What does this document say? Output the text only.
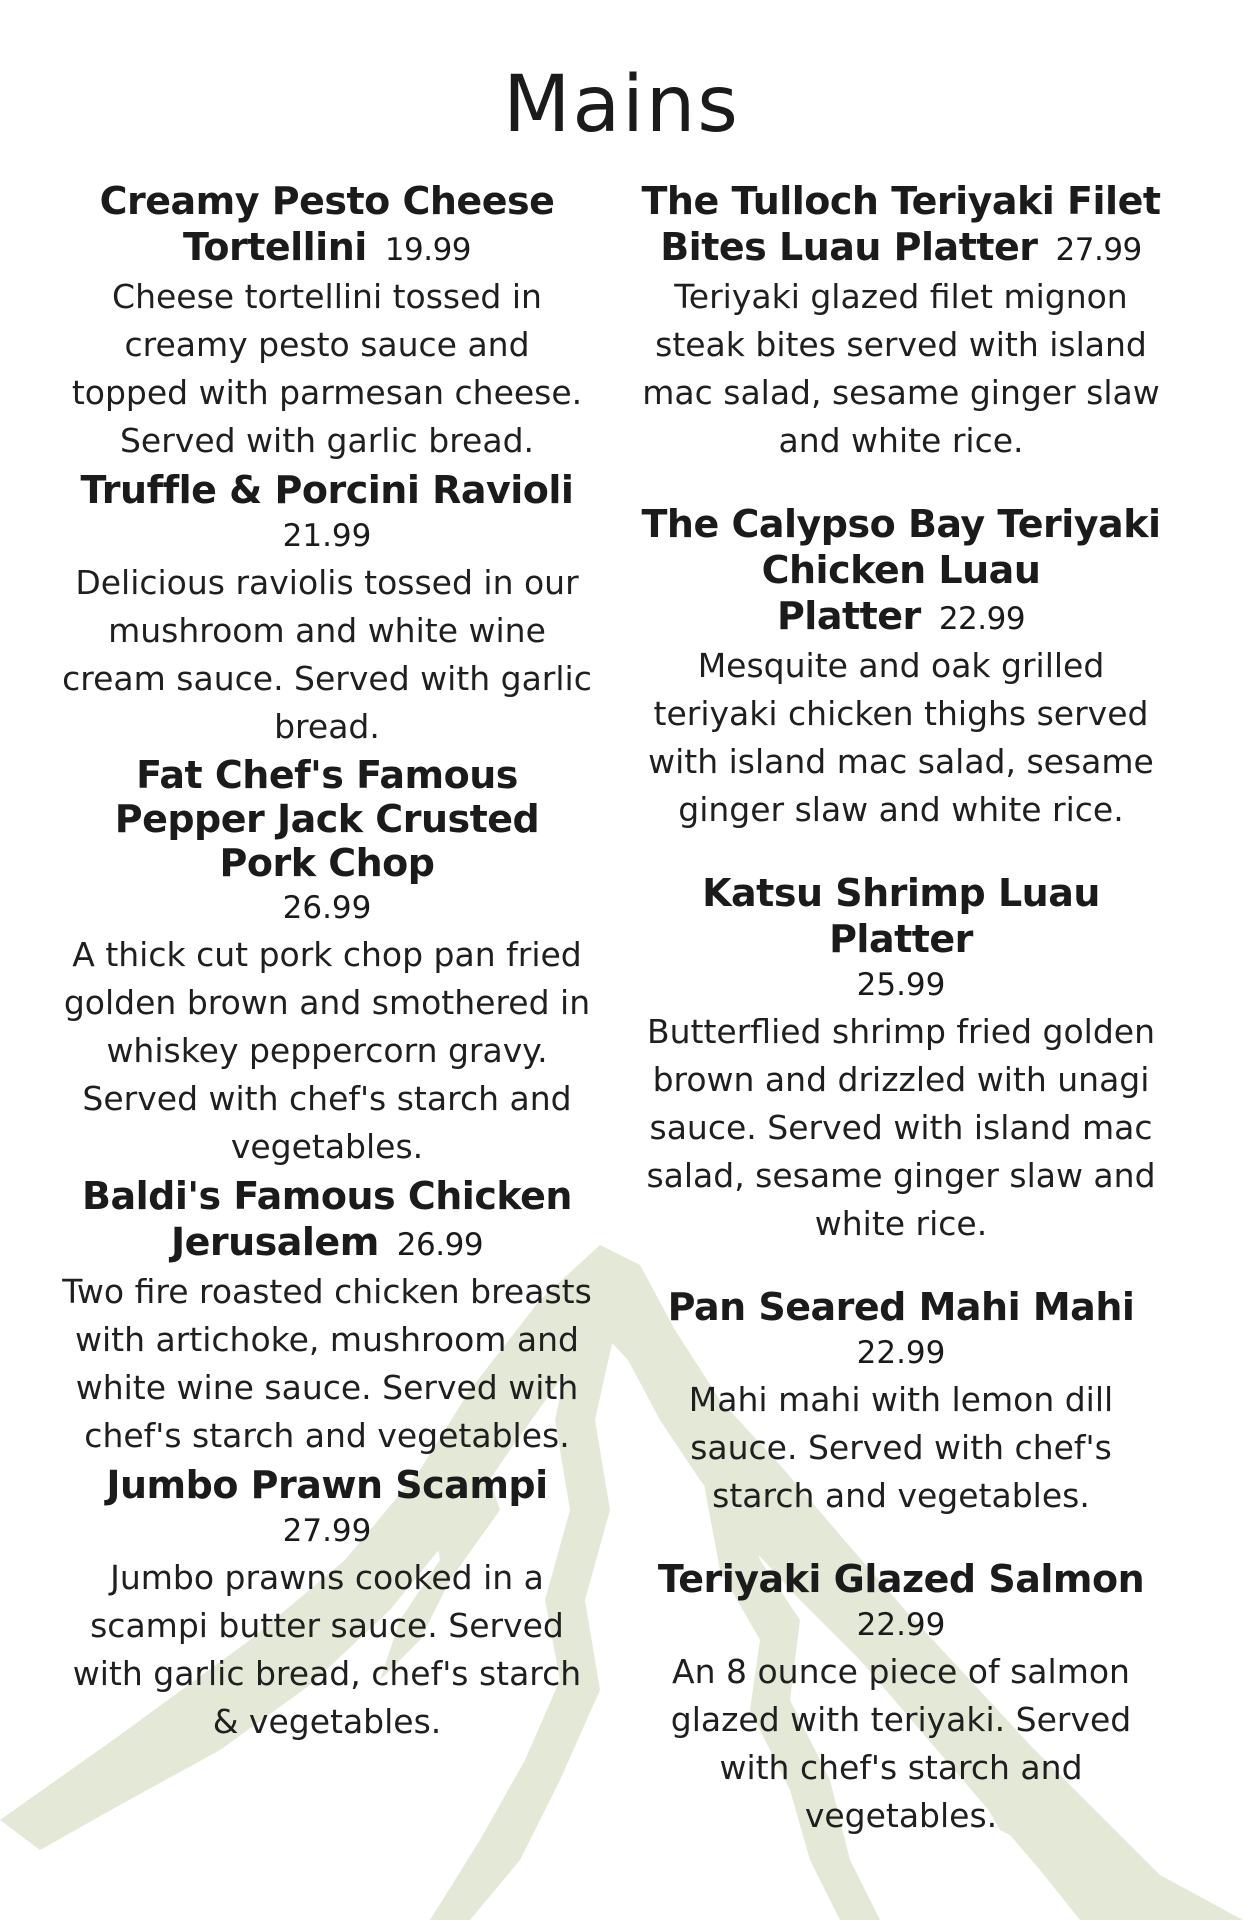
Mains
Creamy Pesto Cheese Tortellini 19.99
Cheese tortellini tossed in creamy pesto sauce and topped with parmesan cheese. Served with garlic bread.
Truffle & Porcini Ravioli
21.99
Delicious raviolis tossed in our mushroom and white wine cream sauce. Served with garlic bread.
Fat Chef's Famous Pepper Jack Crusted Pork Chop
26.99
A thick cut pork chop pan fried golden brown and smothered in whiskey peppercorn gravy. Served with chef's starch and vegetables.
Baldi's Famous Chicken Jerusalem 26.99
Two fire roasted chicken breasts with artichoke, mushroom and white wine sauce. Served with chef's starch and vegetables.
Jumbo Prawn Scampi
27.99
Jumbo prawns cooked in a scampi butter sauce. Served with garlic bread, chef's starch & vegetables.
The Tulloch Teriyaki Filet Bites Luau Platter 27.99
Teriyaki glazed filet mignon steak bites served with island mac salad, sesame ginger slaw and white rice.
The Calypso Bay Teriyaki Chicken Luau Platter 22.99
Mesquite and oak grilled teriyaki chicken thighs served with island mac salad, sesame ginger slaw and white rice.
Katsu Shrimp Luau Platter
25.99
Butterflied shrimp fried golden brown and drizzled with unagi sauce. Served with island mac salad, sesame ginger slaw and white rice.
Pan Seared Mahi Mahi
22.99
Mahi mahi with lemon dill sauce. Served with chef's starch and vegetables.
Teriyaki Glazed Salmon
22.99
An 8 ounce piece of salmon glazed with teriyaki. Served with chef's starch and vegetables.
